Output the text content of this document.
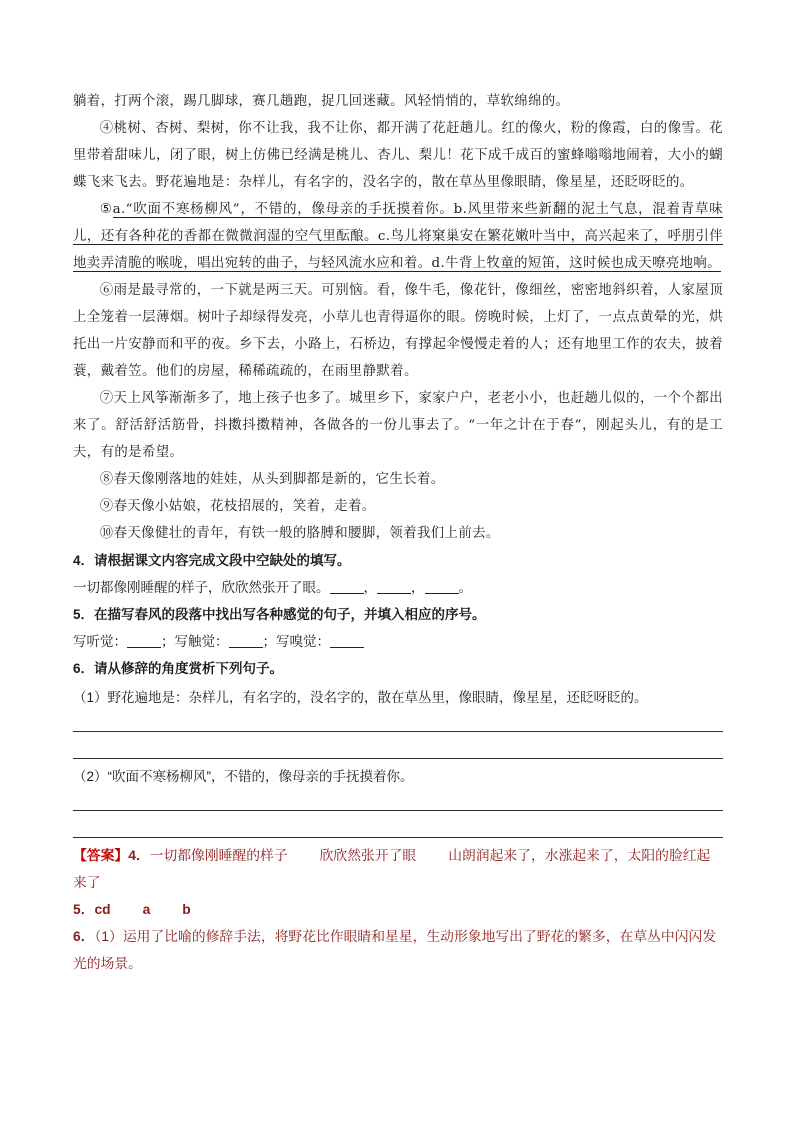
躺着，打两个滚，踢几脚球，赛几趟跑，捉几回迷藏。风轻悄悄的，草软绵绵的。

④桃树、杏树、梨树，你不让我，我不让你，都开满了花赶趟儿。红的像火，粉的像霞，白的像雪。花里带着甜味儿，闭了眼，树上仿佛已经满是桃儿、杏儿、梨儿！花下成千成百的蜜蜂嗡嗡地闹着，大小的蝴蝶飞来飞去。野花遍地是：杂样儿，有名字的，没名字的，散在草丛里像眼睛，像星星，还眨呀眨的。

⑤a.“吹面不寒杨柳风”，不错的，像母亲的手抚摸着你。b.风里带来些新翻的泥土气息，混着青草味儿，还有各种花的香都在微微润湿的空气里酝酿。c.鸟儿将窠巢安在繁花嫩叶当中，高兴起来了，呼朋引伴地卖弄清脆的喉咙，唱出宛转的曲子，与轻风流水应和着。d.牛背上牧童的短笛，这时候也成天嘹亮地响。

⑥雨是最寻常的，一下就是两三天。可别恼。看，像牛毛，像花针，像细丝，密密地斜织着，人家屋顶上全笼着一层薄烟。树叶子却绿得发亮，小草儿也青得逼你的眼。傍晚时候，上灯了，一点点黄晕的光，烘托出一片安静而和平的夜。乡下去，小路上，石桥边，有撑起伞慢慢走着的人；还有地里工作的农夫，披着蓑，戴着笠。他们的房屋，稀稀疏疏的，在雨里静默着。

⑦天上风筝渐渐多了，地上孩子也多了。城里乡下，家家户户，老老小小，也赶趟儿似的，一个个都出来了。舒活舒活筋骨，抖擞抖擞精神，各做各的一份儿事去了。“一年之计在于春”，刚起头儿，有的是工夫，有的是希望。

⑧春天像刚落地的娃娃，从头到脚都是新的，它生长着。

⑨春天像小姑娘，花枝招展的，笑着，走着。

⑩春天像健壮的青年，有铁一般的胳膊和腰脚，领着我们上前去。

4．请根据课文内容完成文段中空缺处的填写。

一切都像刚睡醒的样子，欣欣然张开了眼。	，	，	。

5．在描写春风的段落中找出写各种感觉的句子，并填入相应的序号。

写听觉：	；写触觉：	；写嗅觉：

6．请从修辞的角度赏析下列句子。

（1）野花遍地是：杂样儿，有名字的，没名字的，散在草丛里，像眼睛，像星星，还眨呀眨的。

（2）“吹面不寒杨柳风”，不错的，像母亲的手抚摸着你。

【答案】4．一切都像刚睡醒的样子 欣欣然张开了眼 山朗润起来了，水涨起来了，太阳的脸红起来了

5．cd a b

6．（1）运用了比喻的修辞手法，将野花比作眼睛和星星，生动形象地写出了野花的繁多，在草丛中闪闪发光的场景。
